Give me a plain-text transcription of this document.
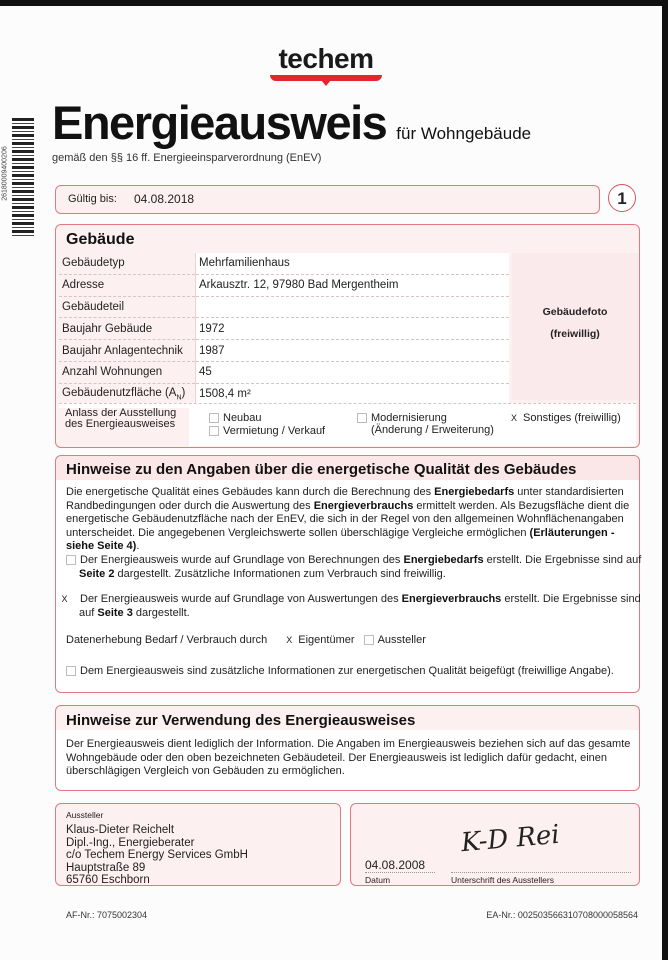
techem
26180009400206
Energieausweis für Wohngebäude
gemäß den §§ 16 ff. Energieeinsparverordnung (EnEV)
Gültig bis: 04.08.2018	1
Gebäude
Gebäudetyp	Mehrfamilienhaus
Adresse	Arkausztr. 12, 97980 Bad Mergentheim
Gebäudeteil	
Baujahr Gebäude	1972
Baujahr Anlagentechnik	1987
Anzahl Wohnungen	45
Gebäudenutzfläche $(A_N)$	1508,4 m²
Gebäudefoto
(freiwillig)
Anlass der Ausstellung
des Energieausweises	Neubau
Vermietung / Verkauf
Modernisierung
(Änderung / Erweiterung)
X Sonstiges (freiwillig)
Hinweise zu den Angaben über die energetische Qualität des Gebäudes
Die energetische Qualität eines Gebäudes kann durch die Berechnung des Energiebedarfs unter standardisierten Randbedingungen oder durch die Auswertung des Energieverbrauchs ermittelt werden. Als Bezugsfläche dient die energetische Gebäudenutzfläche nach der EnEV, die sich in der Regel von den allgemeinen Wohnflächenangaben unterscheidet. Die angegebenen Vergleichswerte sollen überschlägige Vergleiche ermöglichen (Erläuterungen - siehe Seite 4).
Der Energieausweis wurde auf Grundlage von Berechnungen des Energiebedarfs erstellt. Die Ergebnisse sind auf Seite 2 dargestellt. Zusätzliche Informationen zum Verbrauch sind freiwillig.
X Der Energieausweis wurde auf Grundlage von Auswertungen des Energieverbrauchs erstellt. Die Ergebnisse sind auf Seite 3 dargestellt.
Datenerhebung Bedarf / Verbrauch durch X Eigentümer Aussteller
Dem Energieausweis sind zusätzliche Informationen zur energetischen Qualität beigefügt (freiwillige Angabe).
Hinweise zur Verwendung des Energieausweises
Der Energieausweis dient lediglich der Information. Die Angaben im Energieausweis beziehen sich auf das gesamte Wohngebäude oder den oben bezeichneten Gebäudeteil. Der Energieausweis ist lediglich dafür gedacht, einen überschlägigen Vergleich von Gebäuden zu ermöglichen.
Aussteller
Klaus-Dieter Reichelt
Dipl.-Ing., Energieberater
c/o Techem Energy Services GmbH
Hauptstraße 89
65760 Eschborn
04.08.2008
Datum
K-D Rei
Unterschrift des Ausstellers
AF-Nr.: 7075002304	EA-Nr.: 002503566310708000058564
